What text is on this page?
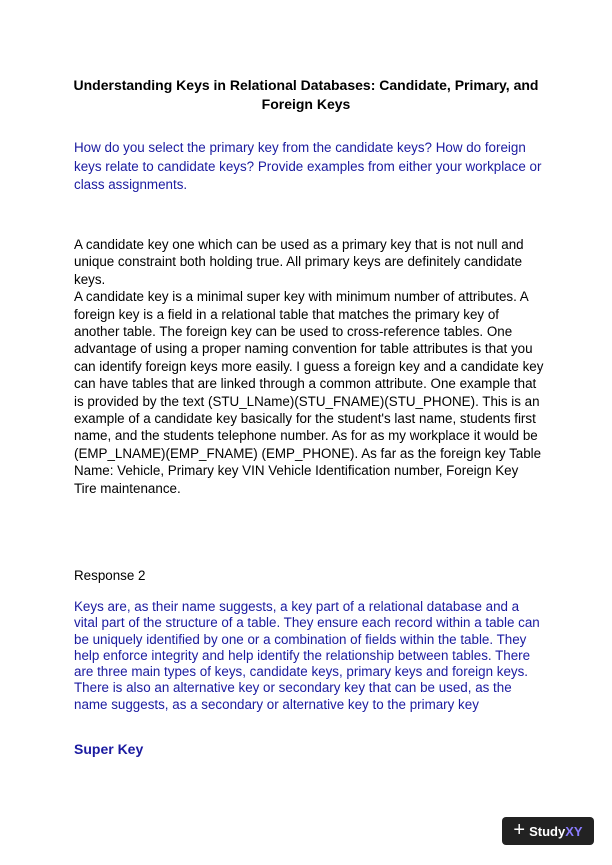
Understanding Keys in Relational Databases: Candidate, Primary, and Foreign Keys

How do you select the primary key from the candidate keys? How do foreign keys relate to candidate keys? Provide examples from either your workplace or class assignments.

A candidate key one which can be used as a primary key that is not null and unique constraint both holding true. All primary keys are definitely candidate keys.

A candidate key is a minimal super key with minimum number of attributes. A foreign key is a field in a relational table that matches the primary key of another table. The foreign key can be used to cross-reference tables. One advantage of using a proper naming convention for table attributes is that you can identify foreign keys more easily. I guess a foreign key and a candidate key can have tables that are linked through a common attribute. One example that is provided by the text (STU_LName)(STU_FNAME)(STU_PHONE). This is an example of a candidate key basically for the student's last name, students first name, and the students telephone number. As for as my workplace it would be (EMP_LNAME)(EMP_FNAME) (EMP_PHONE). As far as the foreign key Table Name: Vehicle, Primary key VIN Vehicle Identification number, Foreign Key Tire maintenance.

Response 2

Keys are, as their name suggests, a key part of a relational database and a vital part of the structure of a table. They ensure each record within a table can be uniquely identified by one or a combination of fields within the table. They help enforce integrity and help identify the relationship between tables. There are three main types of keys, candidate keys, primary keys and foreign keys. There is also an alternative key or secondary key that can be used, as the name suggests, as a secondary or alternative key to the primary key

Super Key

+ StudyXY
